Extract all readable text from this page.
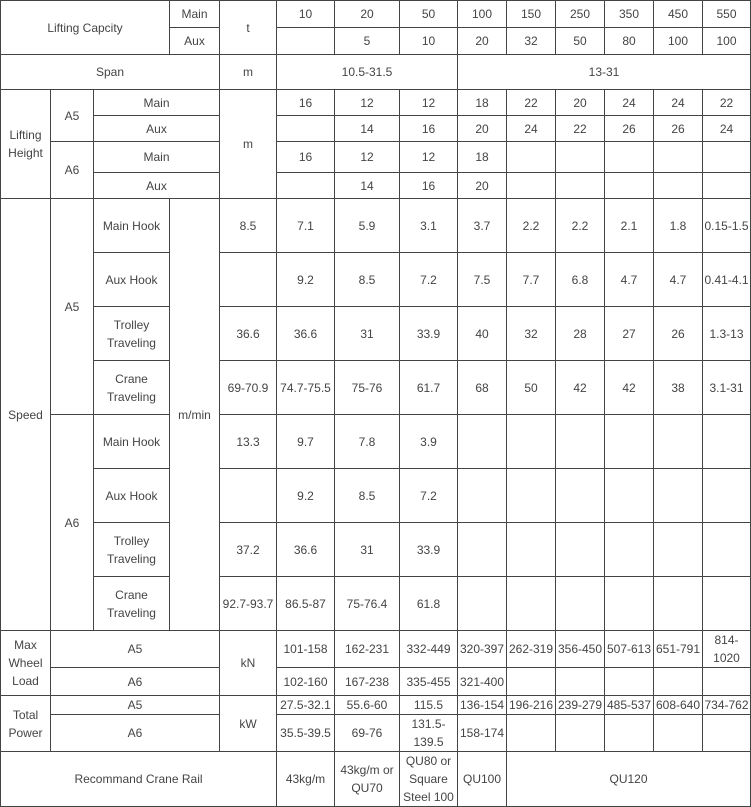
Lifting Capcity			Main	t	10	20	50	100	150	250	350	450	550	
			Aux			5	10	20	32	50	80	100	100	
Span				m	10.5-31.5			13-31	
Lifting Height	A5	Main		m	16	12	12	18	22	20	24	24	22	
		Aux				14	16	20	24	22	26	26	24	
	A6	Main			16	12	12	18						
		Aux				14	16	20						
Speed	A5	Main Hook	m/min	8.5	7.1	5.9	3.1	3.7	2.2	2.2	2.1	1.8	0.15-1.5	
		Aux Hook			9.2	8.5	7.2	7.5	7.7	6.8	4.7	4.7	0.41-4.1	
		Trolley Traveling		36.6	36.6	31	33.9	40	32	28	27	26	1.3-13	
		Crane Traveling		69-70.9	74.7-75.5	75-76	61.7	68	50	42	42	38	3.1-31	
	A6	Main Hook		13.3	9.7	7.8	3.9							
		Aux Hook			9.2	8.5	7.2							
		Trolley Traveling		37.2	36.6	31	33.9							
		Crane Traveling		92.7-93.7	86.5-87	75-76.4	61.8							
Max Wheel Load	A5			kN	101-158	162-231	332-449	320-397	262-319	356-450	507-613	651-791	814-1020	
	A6				102-160	167-238	335-455	321-400						
Total Power	A5			kW	27.5-32.1	55.6-60	115.5	136-154	196-216	239-279	485-537	608-640	734-762	
	A6				35.5-39.5	69-76	131.5-139.5	158-174						
Recommand Crane Rail					43kg/m	43kg/m or QU70	QU80 or Square Steel 100	QU100	QU120					
